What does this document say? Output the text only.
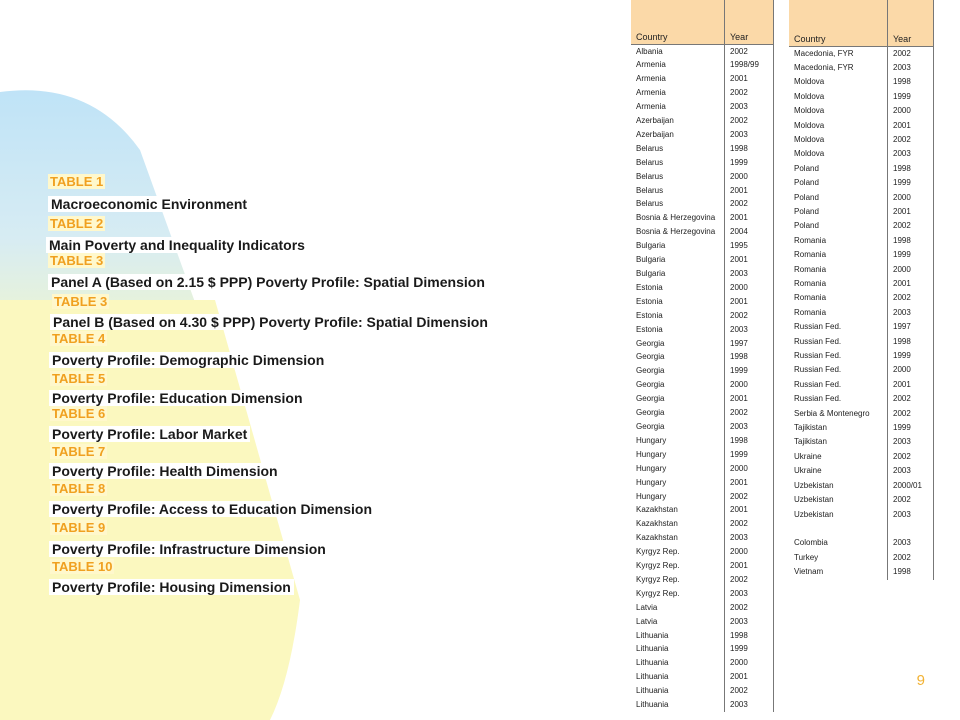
TABLE 1
Macroeconomic Environment
TABLE 2
Main Poverty and Inequality Indicators
TABLE 3
Panel A (Based on 2.15 $ PPP) Poverty Profile: Spatial Dimension
TABLE 3
Panel B (Based on 4.30 $ PPP) Poverty Profile: Spatial Dimension
TABLE 4
Poverty Profile: Demographic Dimension
TABLE 5
Poverty Profile: Education Dimension
TABLE 6
Poverty Profile: Labor Market
TABLE 7
Poverty Profile: Health Dimension
TABLE 8
Poverty Profile: Access to Education Dimension
TABLE 9
Poverty Profile: Infrastructure Dimension
TABLE 10
Poverty Profile: Housing Dimension
Country	Year
Albania	2002
Armenia	1998/99
Armenia	2001
Armenia	2002
Armenia	2003
Azerbaijan	2002
Azerbaijan	2003
Belarus	1998
Belarus	1999
Belarus	2000
Belarus	2001
Belarus	2002
Bosnia & Herzegovina	2001
Bosnia & Herzegovina	2004
Bulgaria	1995
Bulgaria	2001
Bulgaria	2003
Estonia	2000
Estonia	2001
Estonia	2002
Estonia	2003
Georgia	1997
Georgia	1998
Georgia	1999
Georgia	2000
Georgia	2001
Georgia	2002
Georgia	2003
Hungary	1998
Hungary	1999
Hungary	2000
Hungary	2001
Hungary	2002
Kazakhstan	2001
Kazakhstan	2002
Kazakhstan	2003
Kyrgyz Rep.	2000
Kyrgyz Rep.	2001
Kyrgyz Rep.	2002
Kyrgyz Rep.	2003
Latvia	2002
Latvia	2003
Lithuania	1998
Lithuania	1999
Lithuania	2000
Lithuania	2001
Lithuania	2002
Lithuania	2003
Country	Year
Macedonia, FYR	2002
Macedonia, FYR	2003
Moldova	1998
Moldova	1999
Moldova	2000
Moldova	2001
Moldova	2002
Moldova	2003
Poland	1998
Poland	1999
Poland	2000
Poland	2001
Poland	2002
Romania	1998
Romania	1999
Romania	2000
Romania	2001
Romania	2002
Romania	2003
Russian Fed.	1997
Russian Fed.	1998
Russian Fed.	1999
Russian Fed.	2000
Russian Fed.	2001
Russian Fed.	2002
Serbia & Montenegro	2002
Tajikistan	1999
Tajikistan	2003
Ukraine	2002
Ukraine	2003
Uzbekistan	2000/01
Uzbekistan	2002
Uzbekistan	2003

Colombia	2003
Turkey	2002
Vietnam	1998
9
